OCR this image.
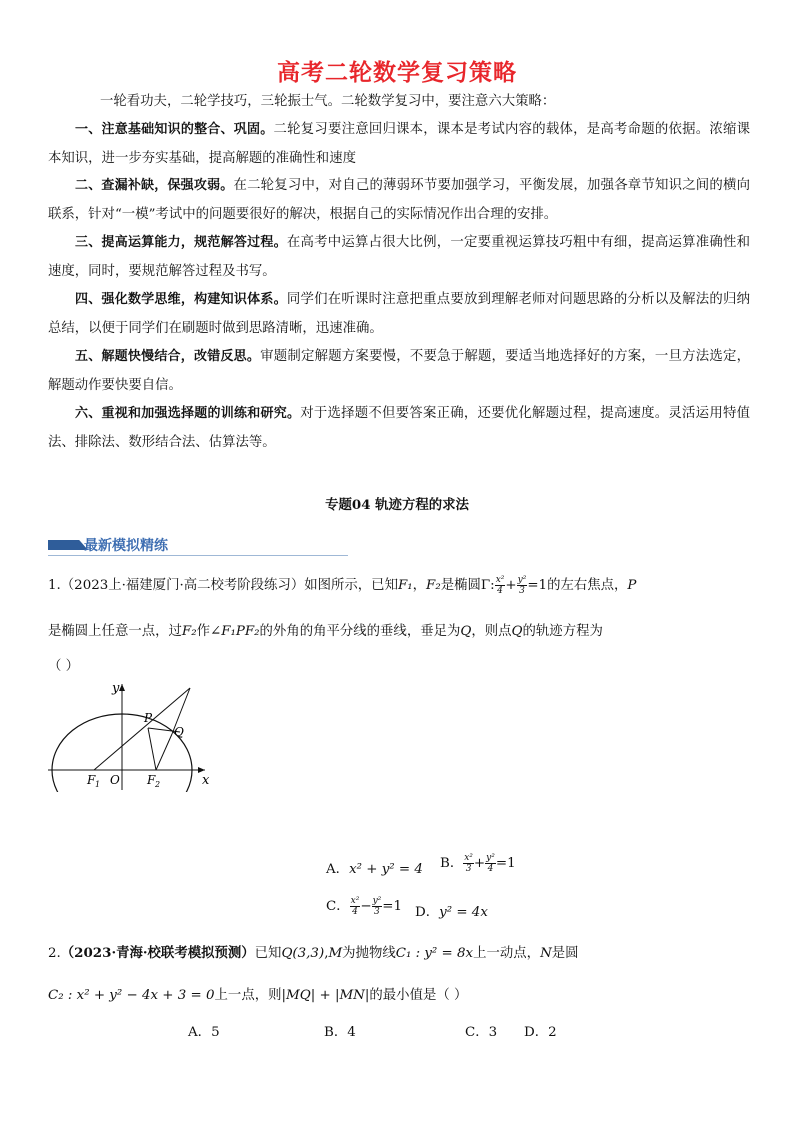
高考二轮数学复习策略
一轮看功夫，二轮学技巧，三轮振士气。二轮数学复习中，要注意六大策略：
一、注意基础知识的整合、巩固。二轮复习要注意回归课本，课本是考试内容的载体，是高考命题的依据。浓缩课本知识，进一步夯实基础，提高解题的准确性和速度
二、查漏补缺，保强攻弱。在二轮复习中，对自己的薄弱环节要加强学习，平衡发展，加强各章节知识之间的横向联系，针对“一模”考试中的问题要很好的解决，根据自己的实际情况作出合理的安排。
三、提高运算能力，规范解答过程。在高考中运算占很大比例，一定要重视运算技巧粗中有细，提高运算准确性和速度，同时，要规范解答过程及书写。
四、强化数学思维，构建知识体系。同学们在听课时注意把重点要放到理解老师对问题思路的分析以及解法的归纳总结，以便于同学们在刷题时做到思路清晰，迅速准确。
五、解题快慢结合，改错反思。审题制定解题方案要慢，不要急于解题，要适当地选择好的方案，一旦方法选定，解题动作要快要自信。
六、重视和加强选择题的训练和研究。对于选择题不但要答案正确，还要优化解题过程，提高速度。灵活运用特值法、排除法、数形结合法、估算法等。
专题04 轨迹方程的求法
最新模拟精练
1.（2023上·福建厦门·高二校考阶段练习）如图所示，已知F₁，F₂是椭圆Γ: $\frac{\text{x²}}{4} + \frac{\text{y²}}{3} =1$的左右焦点，P
是椭圆上任意一点，过F₂作∠F₁PF₂的外角的角平分线的垂线，垂足为Q，则点Q的轨迹方程为
（ ）
y
x
P
Q
O
F 1	F 2
A．x² + y² = 4 B． $\frac{\text{x²}}{3} + \frac{\text{y²}}{4} =1$
C． $\frac{\text{x²}}{4} - \frac{\text{y²}}{3} =1$ D．y² = 4x
2.（2023·青海·校联考模拟预测）已知Q(3,3),M为抛物线C₁ : y² = 8x上一动点，N是圆
C₂ : x² + y² − 4x + 3 = 0上一点，则|MQ| + |MN|的最小值是（ ）
A．5	B．4	C．3 D．2
